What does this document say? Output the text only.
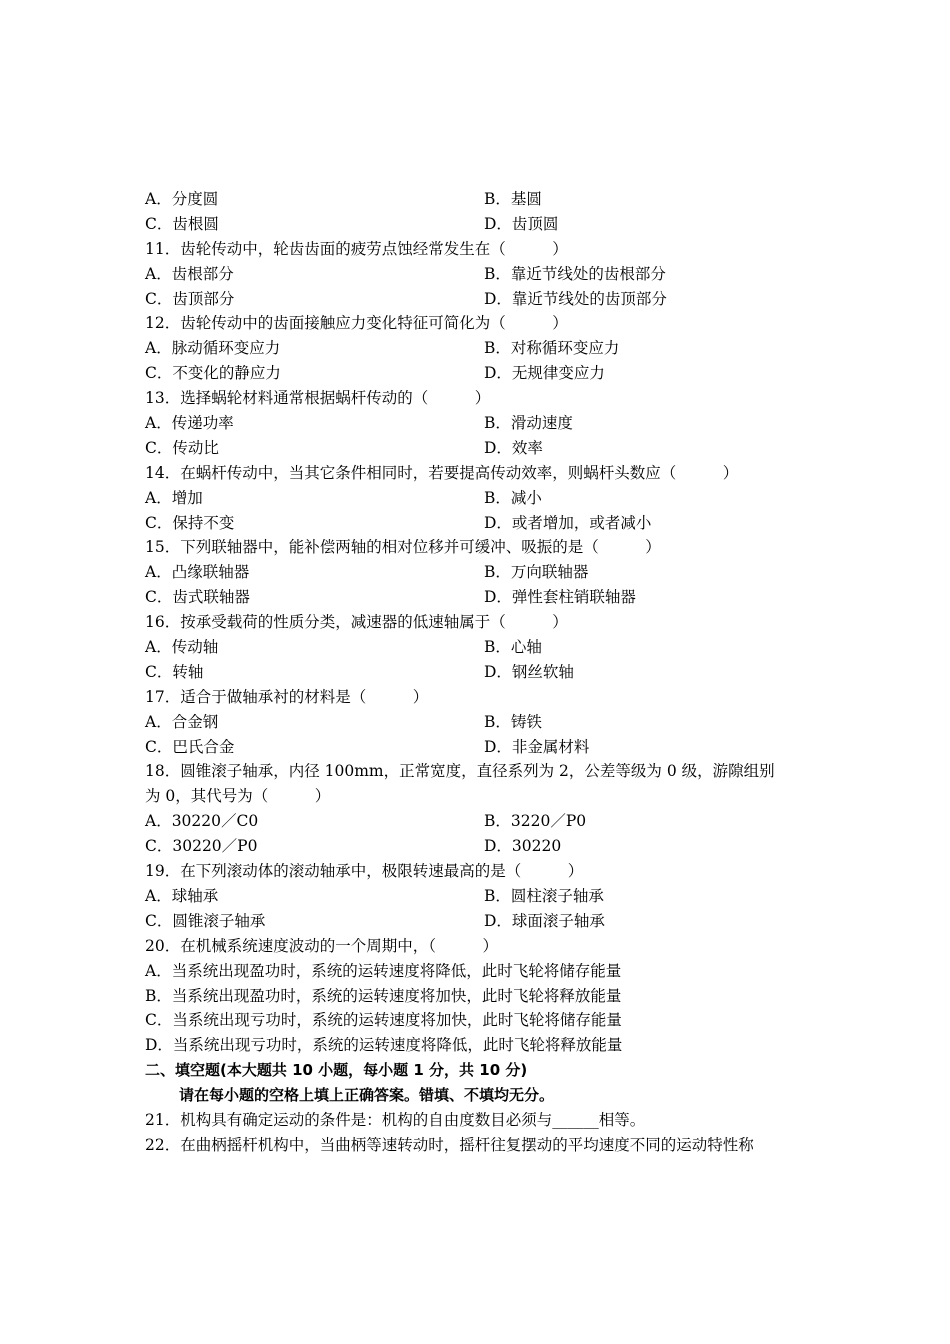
A．分度圆	B．基圆
C．齿根圆	D．齿顶圆
11．齿轮传动中，轮齿齿面的疲劳点蚀经常发生在（　　　）
A．齿根部分	B．靠近节线处的齿根部分
C．齿顶部分	D．靠近节线处的齿顶部分
12．齿轮传动中的齿面接触应力变化特征可简化为（　　　）
A．脉动循环变应力	B．对称循环变应力
C．不变化的静应力	D．无规律变应力
13．选择蜗轮材料通常根据蜗杆传动的（　　　）
A．传递功率	B．滑动速度
C．传动比	D．效率
14．在蜗杆传动中，当其它条件相同时，若要提高传动效率，则蜗杆头数应（　　　）
A．增加	B．减小
C．保持不变	D．或者增加，或者减小
15．下列联轴器中，能补偿两轴的相对位移并可缓冲、吸振的是（　　　）
A．凸缘联轴器	B．万向联轴器
C．齿式联轴器	D．弹性套柱销联轴器
16．按承受载荷的性质分类，减速器的低速轴属于（　　　）
A．传动轴	B．心轴
C．转轴	D．钢丝软轴
17．适合于做轴承衬的材料是（　　　）
A．合金钢	B．铸铁
C．巴氏合金	D．非金属材料
18．圆锥滚子轴承，内径 100mm，正常宽度，直径系列为 2，公差等级为 0 级，游隙组别
为 0，其代号为（　　　）
A．30220／C0	B．3220／P0
C．30220／P0	D．30220
19．在下列滚动体的滚动轴承中，极限转速最高的是（　　　）
A．球轴承	B．圆柱滚子轴承
C．圆锥滚子轴承	D．球面滚子轴承
20．在机械系统速度波动的一个周期中，（　　　）
A．当系统出现盈功时，系统的运转速度将降低，此时飞轮将储存能量
B．当系统出现盈功时，系统的运转速度将加快，此时飞轮将释放能量
C．当系统出现亏功时，系统的运转速度将加快，此时飞轮将储存能量
D．当系统出现亏功时，系统的运转速度将降低，此时飞轮将释放能量
二、填空题(本大题共 10 小题，每小题 1 分，共 10 分)
请在每小题的空格上填上正确答案。错填、不填均无分。
21．机构具有确定运动的条件是：机构的自由度数目必须与______相等。
22．在曲柄摇杆机构中，当曲柄等速转动时，摇杆往复摆动的平均速度不同的运动特性称
